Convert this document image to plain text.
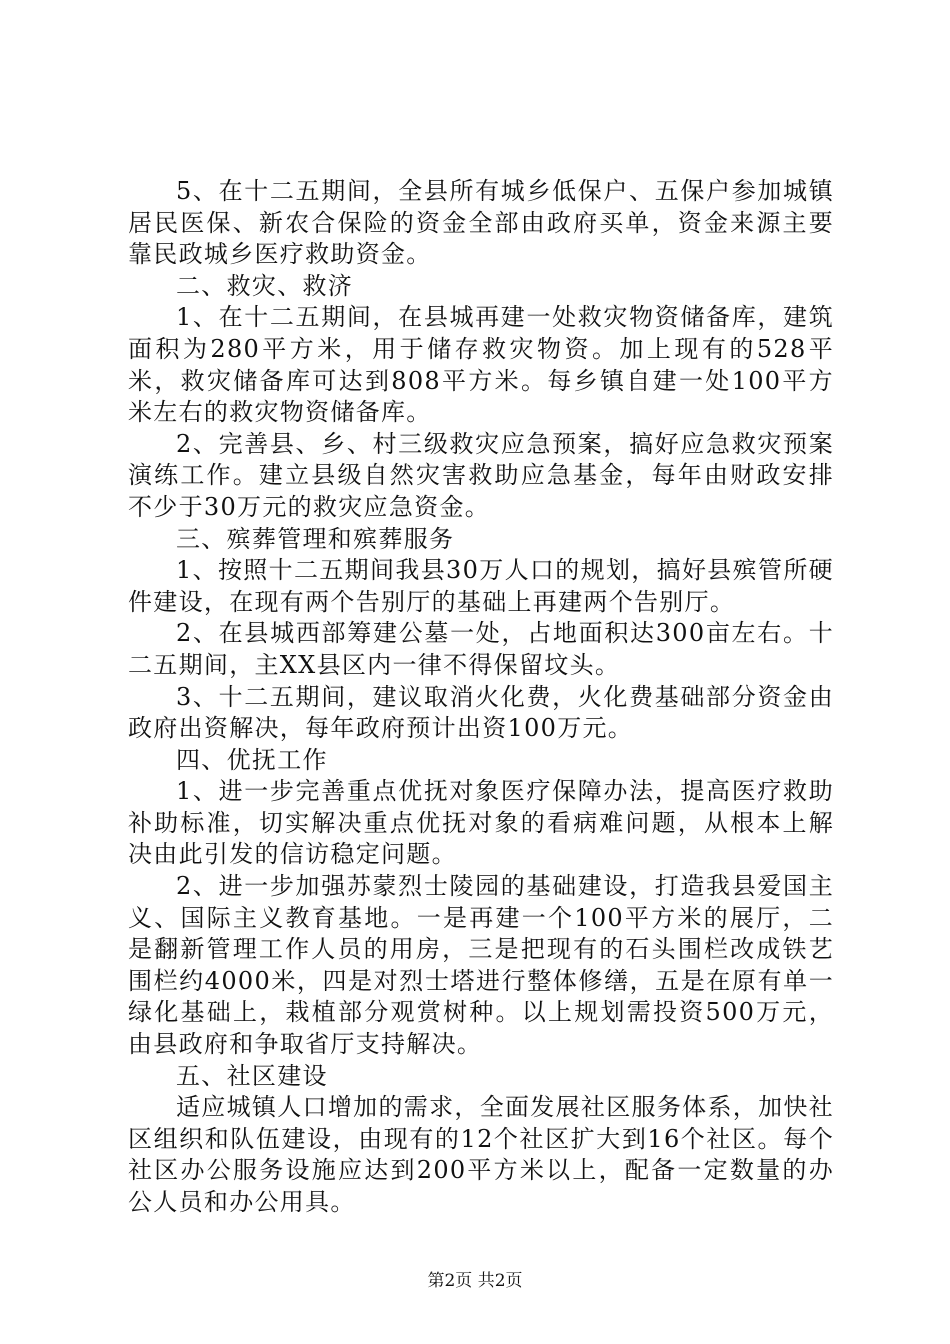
5、在十二五期间，全县所有城乡低保户、五保户参加城镇居民医保、新农合保险的资金全部由政府买单，资金来源主要靠民政城乡医疗救助资金。

二、救灾、救济

1、在十二五期间，在县城再建一处救灾物资储备库，建筑面积为280平方米，用于储存救灾物资。加上现有的528平米，救灾储备库可达到808平方米。每乡镇自建一处100平方米左右的救灾物资储备库。

2、完善县、乡、村三级救灾应急预案，搞好应急救灾预案演练工作。建立县级自然灾害救助应急基金，每年由财政安排不少于30万元的救灾应急资金。

三、殡葬管理和殡葬服务

1、按照十二五期间我县30万人口的规划，搞好县殡管所硬件建设，在现有两个告别厅的基础上再建两个告别厅。

2、在县城西部筹建公墓一处，占地面积达300亩左右。十二五期间，主XX县区内一律不得保留坟头。

3、十二五期间，建议取消火化费，火化费基础部分资金由政府出资解决，每年政府预计出资100万元。

四、优抚工作

1、进一步完善重点优抚对象医疗保障办法，提高医疗救助补助标准，切实解决重点优抚对象的看病难问题，从根本上解决由此引发的信访稳定问题。

2、进一步加强苏蒙烈士陵园的基础建设，打造我县爱国主义、国际主义教育基地。一是再建一个100平方米的展厅，二是翻新管理工作人员的用房，三是把现有的石头围栏改成铁艺围栏约4000米，四是对烈士塔进行整体修缮，五是在原有单一绿化基础上，栽植部分观赏树种。以上规划需投资500万元，由县政府和争取省厅支持解决。

五、社区建设

适应城镇人口增加的需求，全面发展社区服务体系，加快社区组织和队伍建设，由现有的12个社区扩大到16个社区。每个社区办公服务设施应达到200平方米以上，配备一定数量的办公人员和办公用具。

第2页 共2页
